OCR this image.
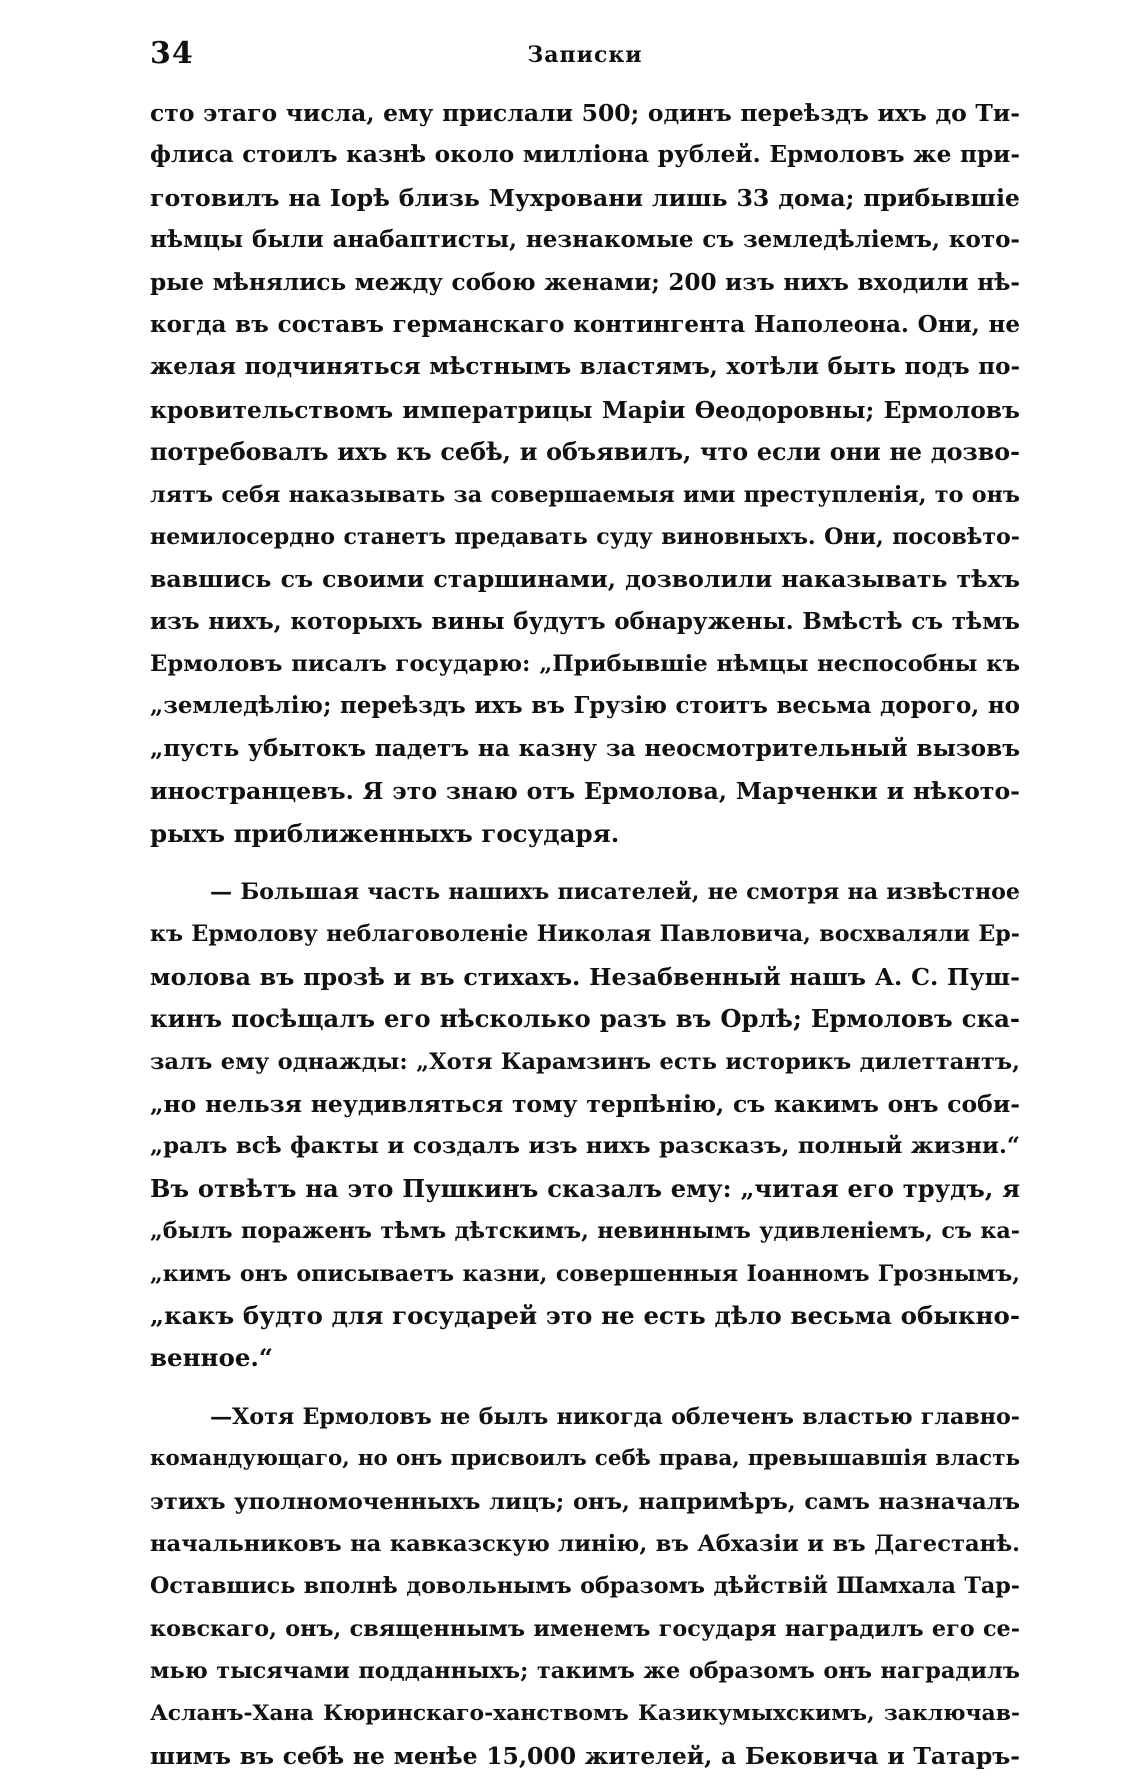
34	Записки
сто этаго числа, ему прислали 500; одинъ переѣздъ ихъ до Ти-
флиса стоилъ казнѣ около милліона рублей. Ермоловъ же при-
готовилъ на Іорѣ близь Мухровани лишь 33 дома; прибывшіе
нѣмцы были анабаптисты, незнакомые съ земледѣліемъ, кото-
рые мѣнялись между собою женами; 200 изъ нихъ входили нѣ-
когда въ составъ германскаго контингента Наполеона. Они, не
желая подчиняться мѣстнымъ властямъ, хотѣли быть подъ по-
кровительствомъ императрицы Маріи Ѳеодоровны; Ермоловъ
потребовалъ ихъ къ себѣ, и объявилъ, что если они не дозво-
лятъ себя наказывать за совершаемыя ими преступленія, то онъ
немилосердно станетъ предавать суду виновныхъ. Они, посовѣто-
вавшись съ своими старшинами, дозволили наказывать тѣхъ
изъ нихъ, которыхъ вины будутъ обнаружены. Вмѣстѣ съ тѣмъ
Ермоловъ писалъ государю: „Прибывшіе нѣмцы неспособны къ
„земледѣлію; переѣздъ ихъ въ Грузію стоитъ весьма дорого, но
„пусть убытокъ падетъ на казну за неосмотрительный вызовъ
иностранцевъ. Я это знаю отъ Ермолова, Марченки и нѣкото-
рыхъ приближенныхъ государя.
— Большая часть нашихъ писателей, не смотря на извѣстное
къ Ермолову неблаговоленіе Николая Павловича, восхваляли Ер-
молова въ прозѣ и въ стихахъ. Незабвенный нашъ А. С. Пуш-
кинъ посѣщалъ его нѣсколько разъ въ Орлѣ; Ермоловъ ска-
залъ ему однажды: „Хотя Карамзинъ есть историкъ дилеттантъ,
„но нельзя неудивляться тому терпѣнію, съ какимъ онъ соби-
„ралъ всѣ факты и создалъ изъ нихъ разсказъ, полный жизни.“
Въ отвѣтъ на это Пушкинъ сказалъ ему: „читая его трудъ, я
„былъ пораженъ тѣмъ дѣтскимъ, невиннымъ удивленіемъ, съ ка-
„кимъ онъ описываетъ казни, совершенныя Іоанномъ Грознымъ,
„какъ будто для государей это не есть дѣло весьма обыкно-
венное.“
—Хотя Ермоловъ не былъ никогда облеченъ властью главно-
командующаго, но онъ присвоилъ себѣ права, превышавшія власть
этихъ уполномоченныхъ лицъ; онъ, напримѣръ, самъ назначалъ
начальниковъ на кавказскую линію, въ Абхазіи и въ Дагестанѣ.
Оставшись вполнѣ довольнымъ образомъ дѣйствій Шамхала Тар-
ковскаго, онъ, священнымъ именемъ государя наградилъ его се-
мью тысячами подданныхъ; такимъ же образомъ онъ наградилъ
Асланъ-Хана Кюринскаго-ханствомъ Казикумыхскимъ, заключав-
шимъ въ себѣ не менѣе 15,000 жителей, а Бековича и Татаръ-
